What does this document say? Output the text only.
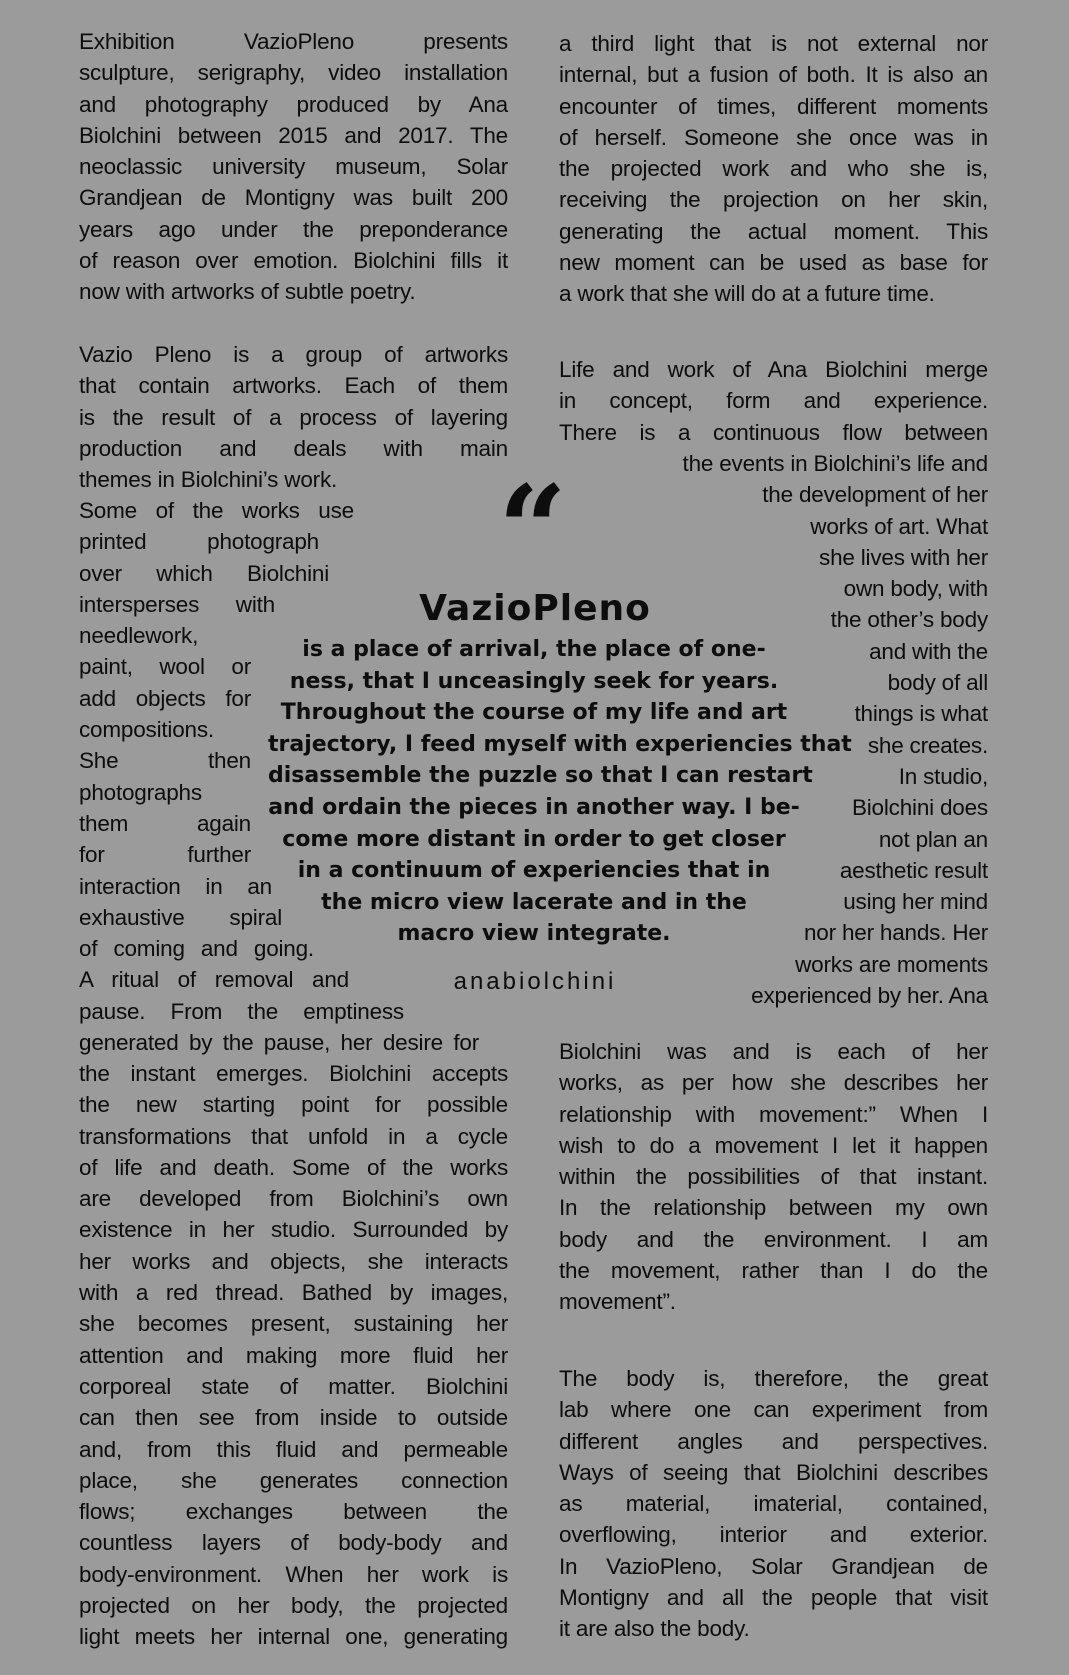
Exhibition VazioPleno presents
sculpture, serigraphy, video installation
and photography produced by Ana
Biolchini between 2015 and 2017. The
neoclassic university museum, Solar
Grandjean de Montigny was built 200
years ago under the preponderance
of reason over emotion. Biolchini fills it
now with artworks of subtle poetry.
Vazio Pleno is a group of artworks
that contain artworks. Each of them
is the result of a process of layering
production and deals with main
themes in Biolchini’s work.
Some of the works use
printed photograph
over which Biolchini
intersperses with
needlework,
paint, wool or
add objects for
compositions.
She then
photographs
them again
for further
interaction in an
exhaustive spiral
of coming and going.
A ritual of removal and
pause. From the emptiness
generated by the pause, her desire for
the instant emerges. Biolchini accepts
the new starting point for possible
transformations that unfold in a cycle
of life and death. Some of the works
are developed from Biolchini’s own
existence in her studio. Surrounded by
her works and objects, she interacts
with a red thread. Bathed by images,
she becomes present, sustaining her
attention and making more fluid her
corporeal state of matter. Biolchini
can then see from inside to outside
and, from this fluid and permeable
place, she generates connection
flows; exchanges between the
countless layers of body-body and
body-environment. When her work is
projected on her body, the projected
light meets her internal one, generating
a third light that is not external nor
internal, but a fusion of both. It is also an
encounter of times, different moments
of herself. Someone she once was in
the projected work and who she is,
receiving the projection on her skin,
generating the actual moment. This
new moment can be used as base for
a work that she will do at a future time.
Life and work of Ana Biolchini merge
in concept, form and experience.
There is a continuous flow between
the events in Biolchini’s life and
the development of her
works of art. What
she lives with her
own body, with
the other’s body
and with the
body of all
things is what
she creates.
In studio,
Biolchini does
not plan an
aesthetic result
using her mind
nor her hands. Her
works are moments
experienced by her. Ana
Biolchini was and is each of her
works, as per how she describes her
relationship with movement:” When I
wish to do a movement I let it happen
within the possibilities of that instant.
In the relationship between my own
body and the environment. I am
the movement, rather than I do the
movement”.
The body is, therefore, the great
lab where one can experiment from
different angles and perspectives.
Ways of seeing that Biolchini describes
as material, imaterial, contained,
overflowing, interior and exterior.
In VazioPleno, Solar Grandjean de
Montigny and all the people that visit
it are also the body.
“
VazioPleno
is a place of arrival, the place of one-
ness, that I unceasingly seek for years.
Throughout the course of my life and art
trajectory, I feed myself with experiencies that
disassemble the puzzle so that I can restart
and ordain the pieces in another way. I be-
come more distant in order to get closer
in a continuum of experiencies that in
the micro view lacerate and in the
macro view integrate.
anabiolchini
